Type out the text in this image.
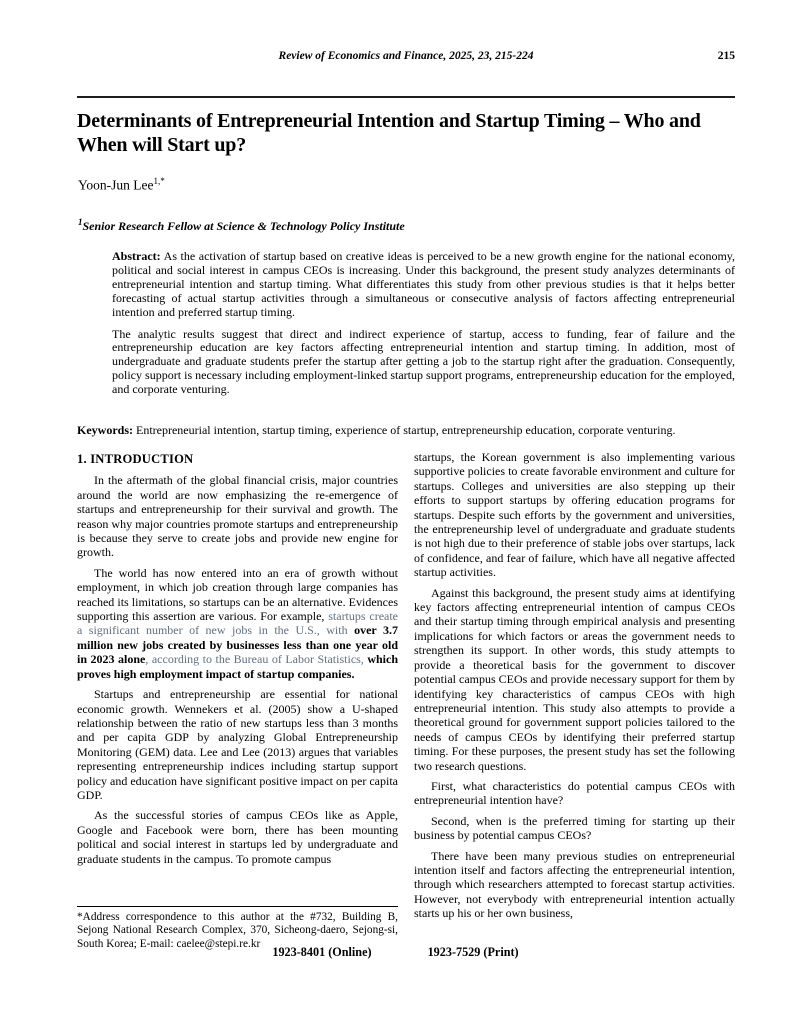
Review of Economics and Finance, 2025, 23, 215-224	215
Determinants of Entrepreneurial Intention and Startup Timing – Who and When will Start up?
Yoon-Jun Lee$^{1,*}$
$^1$Senior Research Fellow at Science & Technology Policy Institute

Abstract: As the activation of startup based on creative ideas is perceived to be a new growth engine for the national economy, political and social interest in campus CEOs is increasing. Under this background, the present study analyzes determinants of entrepreneurial intention and startup timing. What differentiates this study from other previous studies is that it helps better forecasting of actual startup activities through a simultaneous or consecutive analysis of factors affecting entrepreneurial intention and preferred startup timing.

The analytic results suggest that direct and indirect experience of startup, access to funding, fear of failure and the entrepreneurship education are key factors affecting entrepreneurial intention and startup timing. In addition, most of undergraduate and graduate students prefer the startup after getting a job to the startup right after the graduation. Consequently, policy support is necessary including employment-linked startup support programs, entrepreneurship education for the employed, and corporate venturing.

Keywords: Entrepreneurial intention, startup timing, experience of startup, entrepreneurship education, corporate venturing.
1. INTRODUCTION

In the aftermath of the global financial crisis, major countries around the world are now emphasizing the re-emergence of startups and entrepreneurship for their survival and growth. The reason why major countries promote startups and entrepreneurship is because they serve to create jobs and provide new engine for growth.

The world has now entered into an era of growth without employment, in which job creation through large companies has reached its limitations, so startups can be an alternative. Evidences supporting this assertion are various. For example, startups create a significant number of new jobs in the U.S., with over 3.7 million new jobs created by businesses less than one year old in 2023 alone, according to the Bureau of Labor Statistics, which proves high employment impact of startup companies.

Startups and entrepreneurship are essential for national economic growth. Wennekers et al. (2005) show a U-shaped relationship between the ratio of new startups less than 3 months and per capita GDP by analyzing Global Entrepreneurship Monitoring (GEM) data. Lee and Lee (2013) argues that variables representing entrepreneurship indices including startup support policy and education have significant positive impact on per capita GDP.

As the successful stories of campus CEOs like as Apple, Google and Facebook were born, there has been mounting political and social interest in startups led by undergraduate and graduate students in the campus. To promote campus

*Address correspondence to this author at the #732, Building B, Sejong National Research Complex, 370, Sicheong-daero, Sejong-si, South Korea; E-mail: caelee@stepi.re.kr

startups, the Korean government is also implementing various supportive policies to create favorable environment and culture for startups. Colleges and universities are also stepping up their efforts to support startups by offering education programs for startups. Despite such efforts by the government and universities, the entrepreneurship level of undergraduate and graduate students is not high due to their preference of stable jobs over startups, lack of confidence, and fear of failure, which have all negative affected startup activities.

Against this background, the present study aims at identifying key factors affecting entrepreneurial intention of campus CEOs and their startup timing through empirical analysis and presenting implications for which factors or areas the government needs to strengthen its support. In other words, this study attempts to provide a theoretical basis for the government to discover potential campus CEOs and provide necessary support for them by identifying key characteristics of campus CEOs with high entrepreneurial intention. This study also attempts to provide a theoretical ground for government support policies tailored to the needs of campus CEOs by identifying their preferred startup timing. For these purposes, the present study has set the following two research questions.

First, what characteristics do potential campus CEOs with entrepreneurial intention have?

Second, when is the preferred timing for starting up their business by potential campus CEOs?

There have been many previous studies on entrepreneurial intention itself and factors affecting the entrepreneurial intention, through which researchers attempted to forecast startup activities. However, not everybody with entrepreneurial intention actually starts up his or her own business,

1923-8401 (Online)	1923-7529 (Print)
